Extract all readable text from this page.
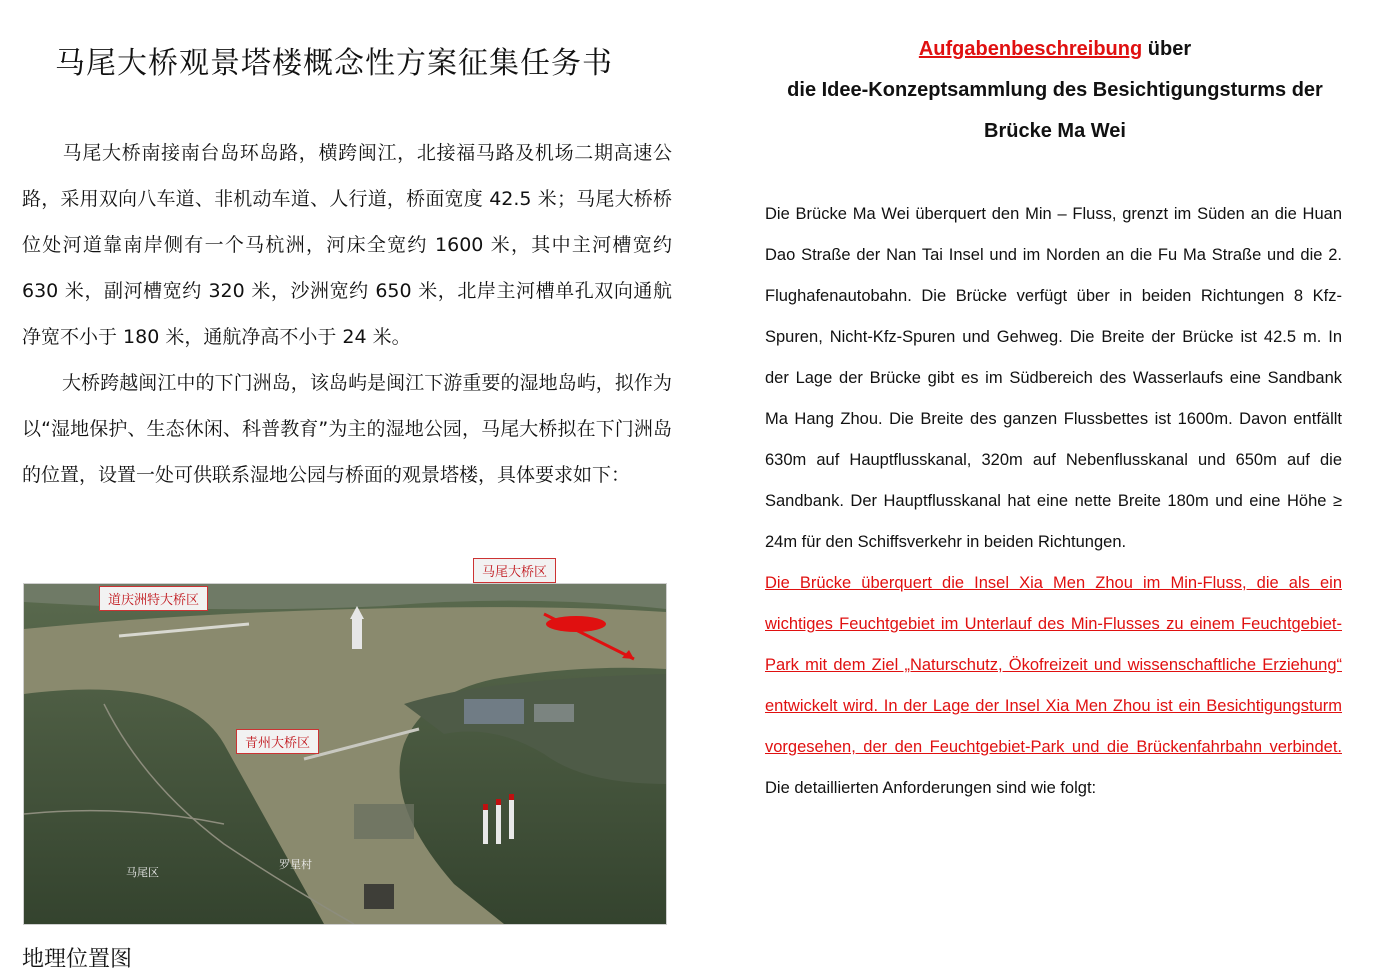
马尾大桥观景塔楼概念性方案征集任务书
马尾大桥南接南台岛环岛路，横跨闽江，北接福马路及机场二期高速公路，采用双向八车道、非机动车道、人行道，桥面宽度 42.5 米；马尾大桥桥位处河道靠南岸侧有一个马杭洲，河床全宽约 1600 米，其中主河槽宽约 630 米，副河槽宽约 320 米，沙洲宽约 650 米，北岸主河槽单孔双向通航净宽不小于 180 米，通航净高不小于 24 米。
大桥跨越闽江中的下门洲岛，该岛屿是闽江下游重要的湿地岛屿，拟作为以“湿地保护、生态休闲、科普教育”为主的湿地公园，马尾大桥拟在下门洲岛的位置，设置一处可供联系湿地公园与桥面的观景塔楼，具体要求如下：
道庆洲特大桥区
青州大桥区
马尾区
罗星村
马尾大桥区
地理位置图
Aufgabenbeschreibung über
die Idee-Konzeptsammlung des Besichtigungsturms der
Brücke Ma Wei
Die Brücke Ma Wei überquert den Min – Fluss, grenzt im Süden an die Huan Dao Straße der Nan Tai Insel und im Norden an die Fu Ma Straße und die 2. Flughafenautobahn. Die Brücke verfügt über in beiden Richtungen 8 Kfz-Spuren, Nicht-Kfz-Spuren und Gehweg. Die Breite der Brücke ist 42.5 m. In der Lage der Brücke gibt es im Südbereich des Wasserlaufs eine Sandbank Ma Hang Zhou. Die Breite des ganzen Flussbettes ist 1600m. Davon entfällt 630m auf Hauptflusskanal, 320m auf Nebenflusskanal und 650m auf die Sandbank. Der Hauptflusskanal hat eine nette Breite 180m und eine Höhe ≥ 24m für den Schiffsverkehr in beiden Richtungen.
Die Brücke überquert die Insel Xia Men Zhou im Min-Fluss, die als ein wichtiges Feuchtgebiet im Unterlauf des Min-Flusses zu einem Feuchtgebiet-Park mit dem Ziel „Naturschutz, Ökofreizeit und wissenschaftliche Erziehung“ entwickelt wird. In der Lage der Insel Xia Men Zhou ist ein Besichtigungsturm vorgesehen, der den Feuchtgebiet-Park und die Brückenfahrbahn verbindet. Die detaillierten Anforderungen sind wie folgt:
